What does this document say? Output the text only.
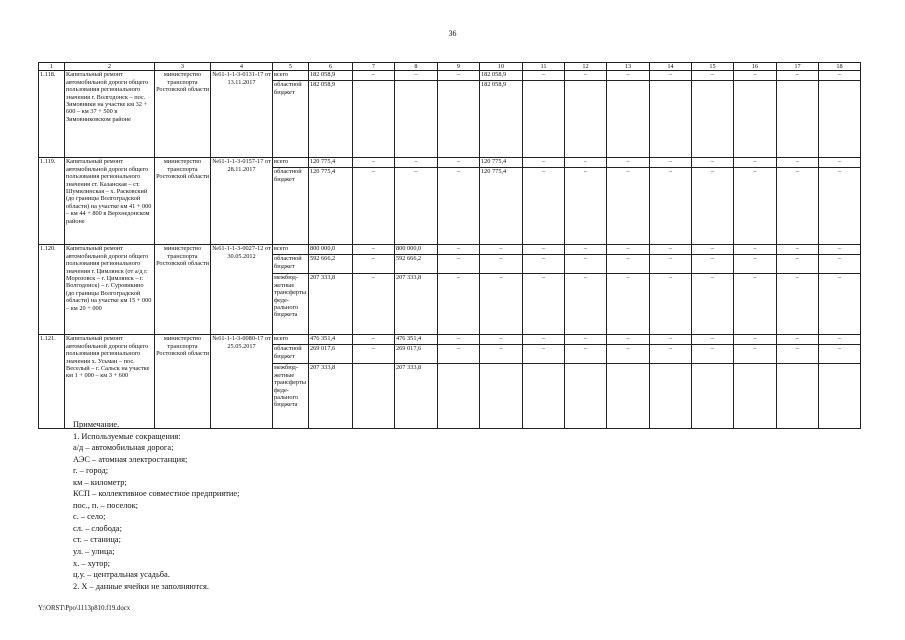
36
1	2	3	4	5	6	7	8	9	10	11	12	13	14	15	16	17	18
1.118.	Капитальный ремонт автомобильной дороги общего пользования регионального значения г. Волгодонск – пос. Зимовники на участке км 32 + 600 – км 37 + 500 в Зимовниковском районе	министерство транспорта Ростовской области	№61-1-1-3-0131-17 от 13.11.2017	всего	182 058,9	–	–	–	182 058,9	–	–	–	–	–	–	–	–
				областной бюджет	182 058,9				182 058,9								
1.119.	Капитальный ремонт автомобильной дороги общего пользования регионального значения ст. Казанская – ст. Шумилинская – х. Расковский (до границы Волгоградской области) на участке км 41 + 000 – км 44 + 800 в Верхнедонском районе	министерство транспорта Ростовской области	№61-1-1-3-0157-17 от 28.11.2017	всего	120 775,4	–	–	–	120 775,4	–	–	–	–	–	–	–	–
				областной бюджет	120 775,4	–	–	–	120 775,4	–	–	–	–	–	–	–	–
1.120.	Капитальный ремонт автомобильной дороги общего пользования регионального значения г. Цимлянск (от а/д г. Морозовск – г. Цимлянск – г. Волгодонск) – г. Суровикино (до границы Волгоградской области) на участке км 15 + 000 – км 20 + 000	министерство транспорта Ростовской области	№61-1-1-3-0027-12 от 30.05.2012	всего	800 000,0	–	800 000,0	–	–	–	–	–	–	–	–	–	–
				областной бюджет	592 666,2	–	592 666,2	–	–	–	–	–	–	–	–	–	–
				межбюд-жетные трансферты феде-рального бюджета	207 333,8	–	207 333,8	–	–	–	–	–	–	–	–	–	–
1.121.	Капитальный ремонт автомобильной дороги общего пользования регионального значения х. Усьман – пос. Веселый – г. Сальск на участке км 1 + 000 – км 3 + 600	министерство транспорта Ростовской области	№61-1-1-3-0080-17 от 25.05.2017	всего	476 351,4	–	476 351,4	–	–	–	–	–	–	–	–	–	–
				областной бюджет	269 017,6	–	269 017,6	–	–	–	–	–	–	–	–	–	–
				межбюд-жетные трансферты феде-рального бюджета	207 333,8		207 333,8										
Примечание.
1. Используемые сокращения:
а/д – автомобильная дорога;
АЭС – атомная электростанция;
г. – город;
км – километр;
КСП – коллективное совместное предприятие;
пос., п. – поселок;
с. – село;
сл. – слобода;
ст. – станица;
ул. – улица;
х. – хутор;
ц.у. – центральная усадьба.
2. Х – данные ячейки не заполняются.
Y:\ORST\Ppo\1113p810.f19.docx
